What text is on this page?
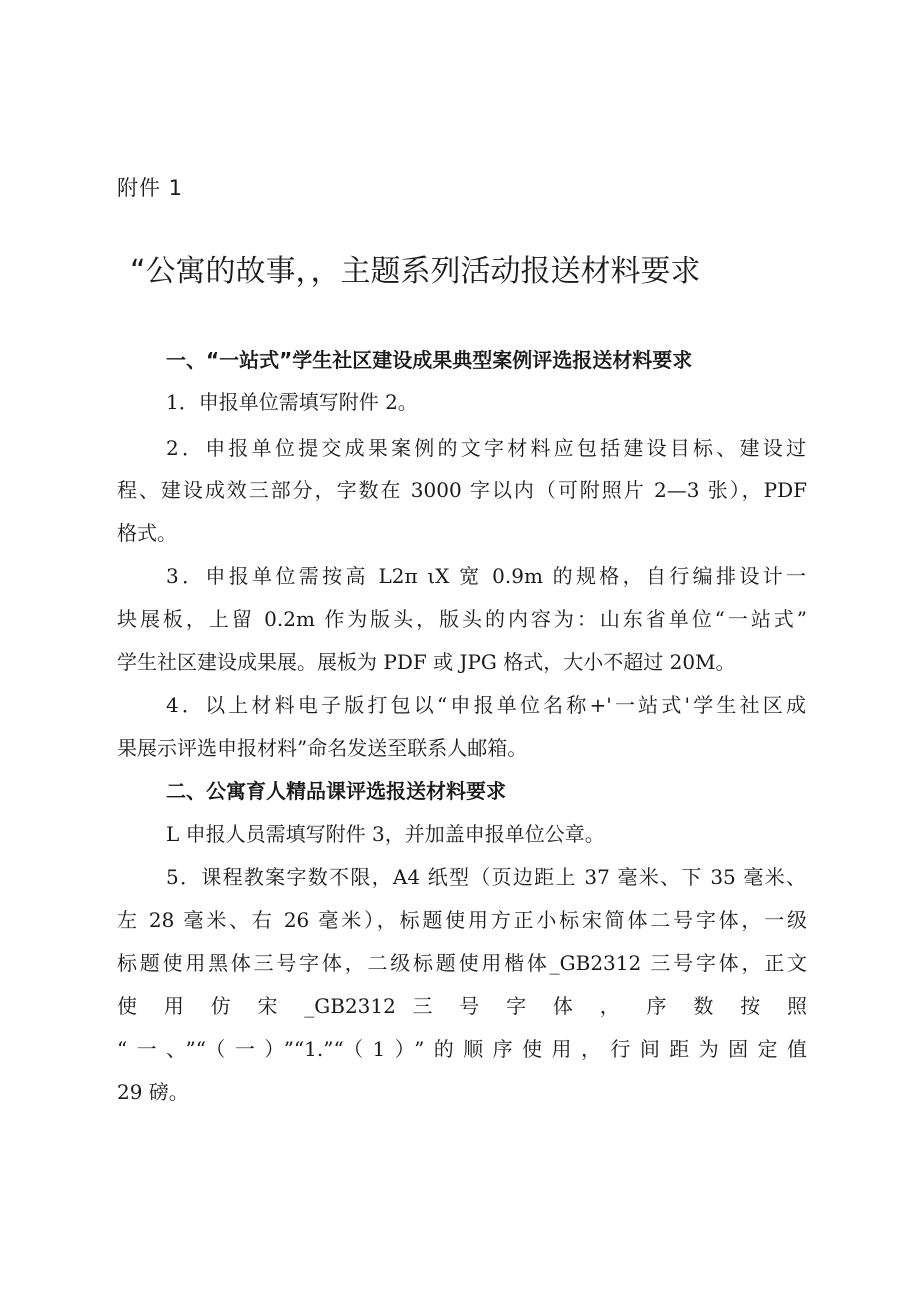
附件 1
“公寓的故事，，主题系列活动报送材料要求
一、“一站式”学生社区建设成果典型案例评选报送材料要求
1．申报单位需填写附件 2。
2．申报单位提交成果案例的文字材料应包括建设目标、建设过
程、建设成效三部分，字数在 3000 字以内（可附照片 2—3 张），PDF
格式。
3．申报单位需按高 L2π ιX 宽 0.9m 的规格，自行编排设计一
块展板，上留 0.2m 作为版头，版头的内容为：山东省单位“一站式”
学生社区建设成果展。展板为 PDF 或 JPG 格式，大小不超过 20M。
4．以上材料电子版打包以“申报单位名称+'一站式'学生社区成
果展示评选申报材料”命名发送至联系人邮箱。
二、公寓育人精品课评选报送材料要求
L 申报人员需填写附件 3，并加盖申报单位公章。
5．课程教案字数不限，A4 纸型（页边距上 37 毫米、下 35 毫米、
左 28 毫米、右 26 毫米），标题使用方正小标宋简体二号字体，一级
标题使用黑体三号字体，二级标题使用楷体_GB2312 三号字体，正文
使 用 仿 宋 _GB2312 三 号 字 体 ， 序 数 按 照
“一、”“（一）”“1.”“（1）”的顺序使用，行间距为固定值
29 磅。
